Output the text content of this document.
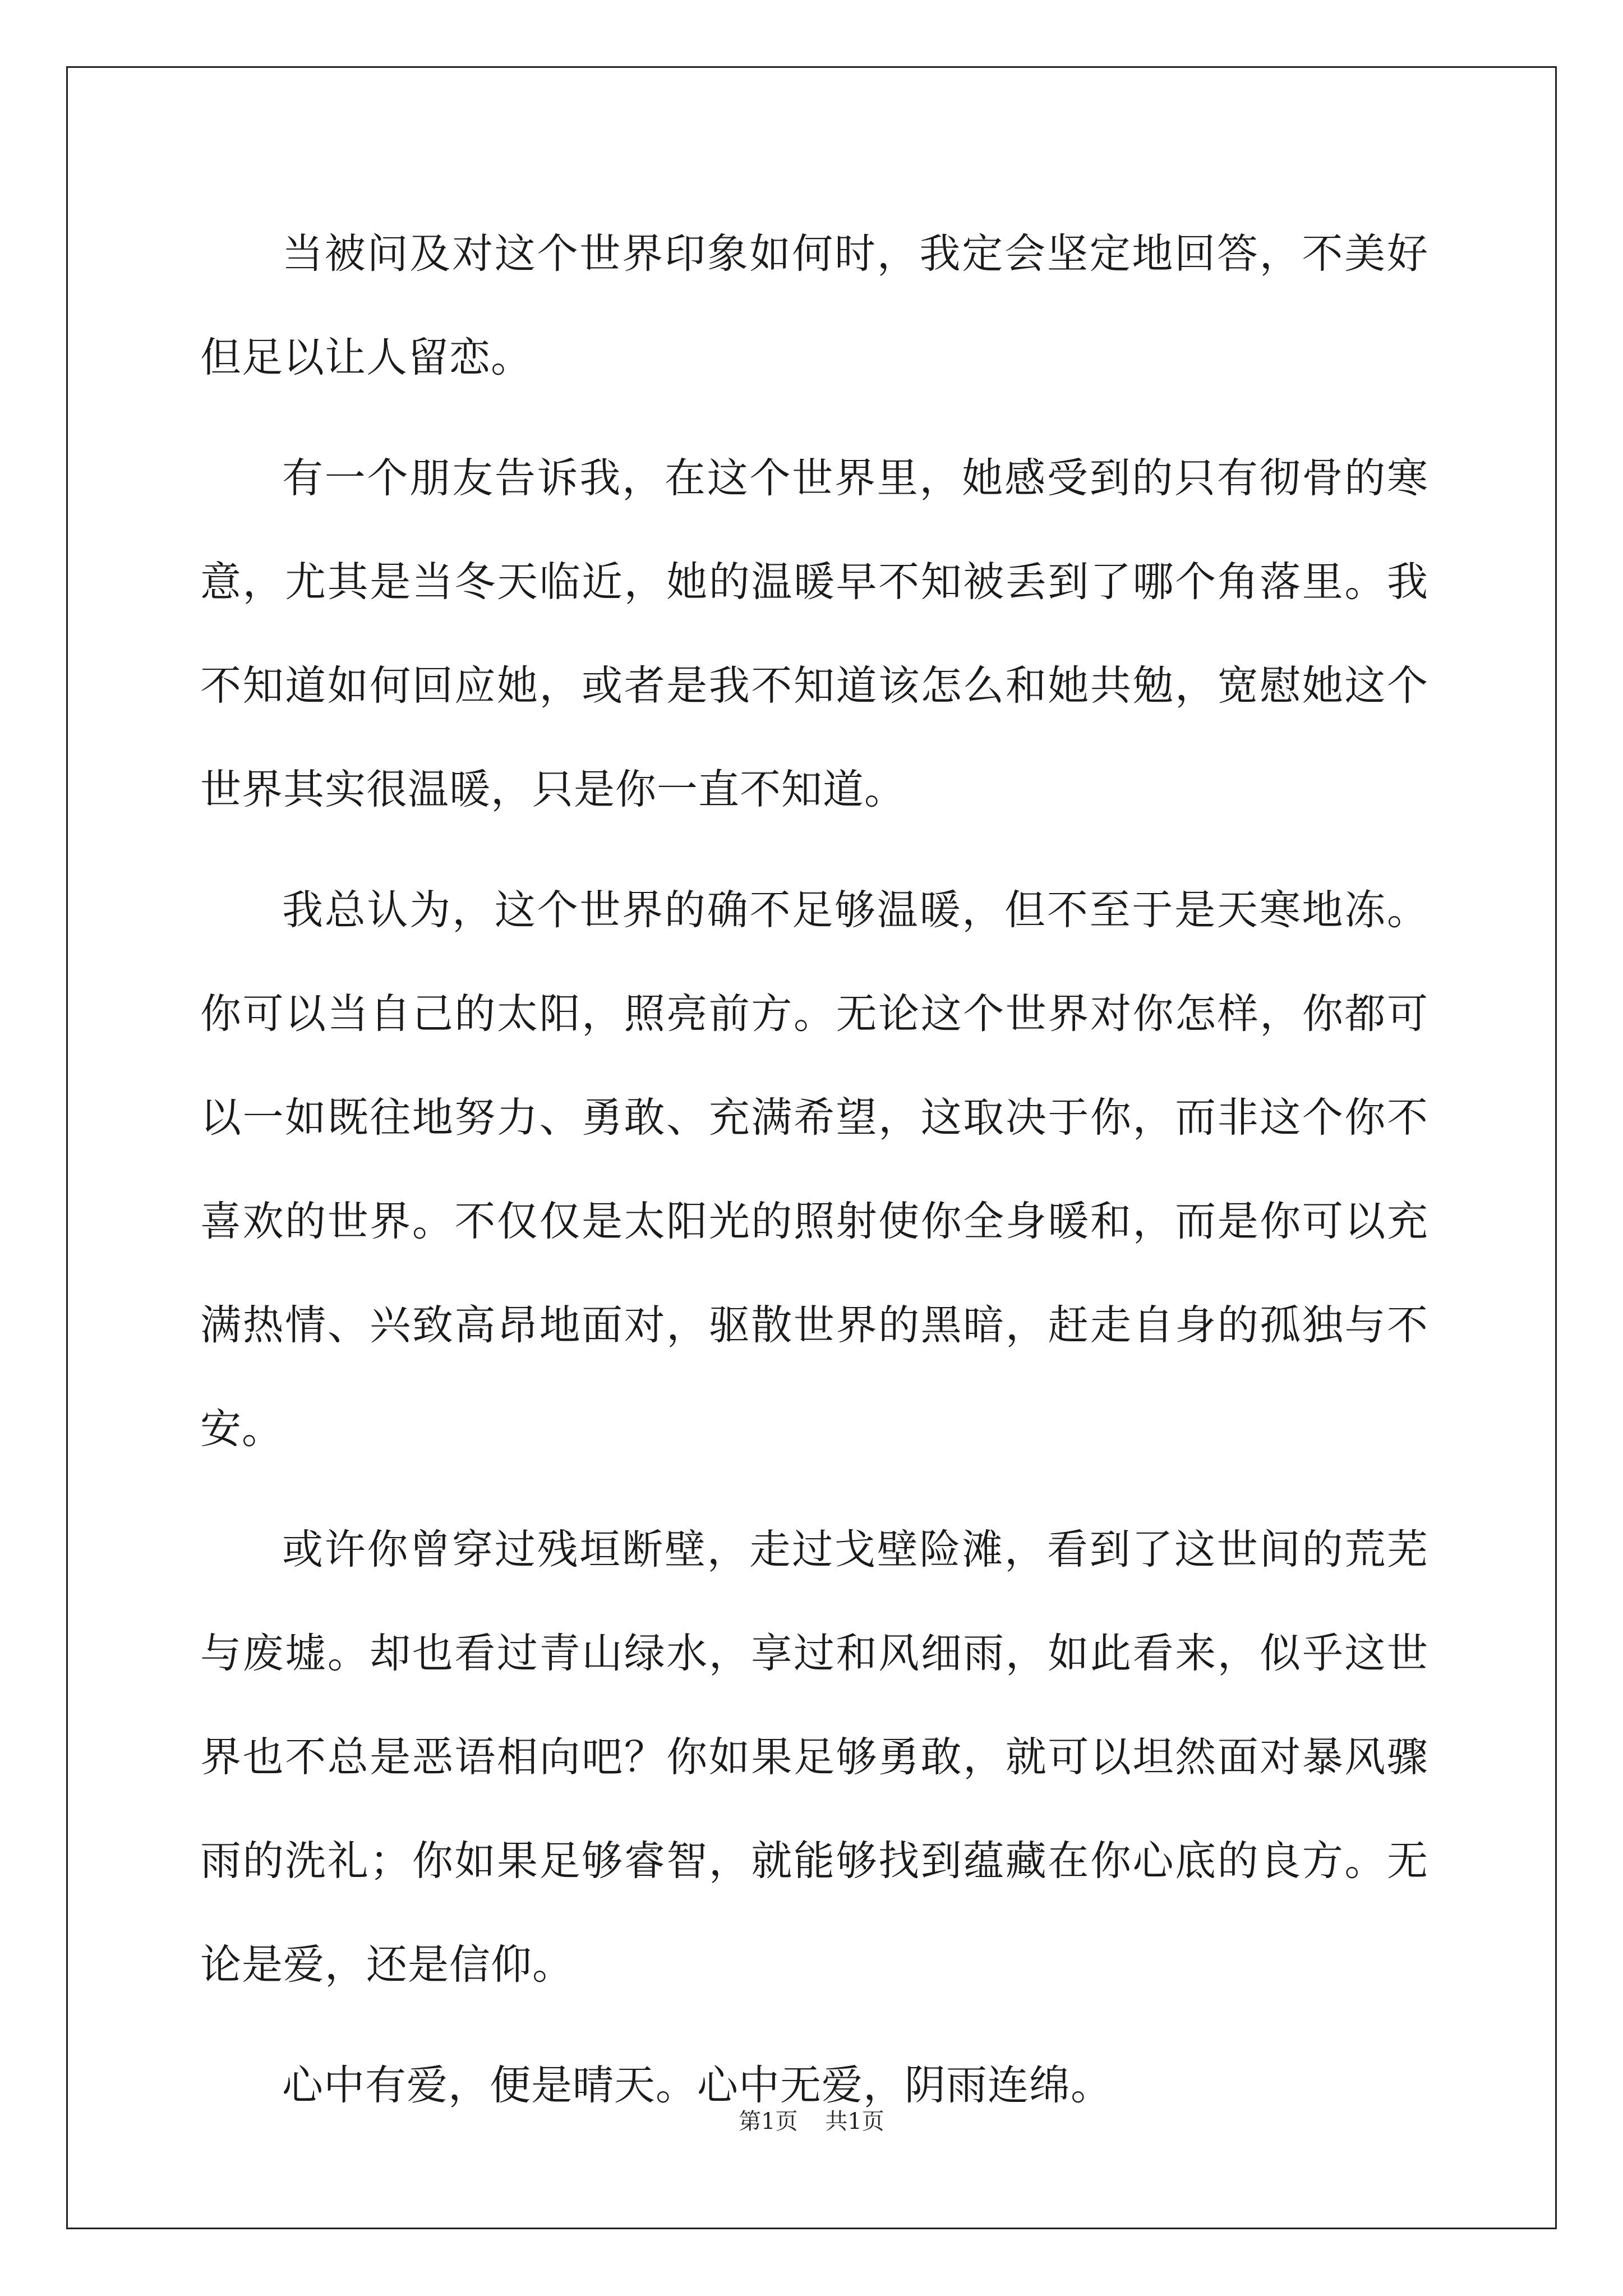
当被问及对这个世界印象如何时，我定会坚定地回答，不美好但足以让人留恋。

有一个朋友告诉我，在这个世界里，她感受到的只有彻骨的寒意，尤其是当冬天临近，她的温暖早不知被丢到了哪个角落里。我不知道如何回应她，或者是我不知道该怎么和她共勉，宽慰她这个世界其实很温暖，只是你一直不知道。

我总认为，这个世界的确不足够温暖，但不至于是天寒地冻。你可以当自己的太阳，照亮前方。无论这个世界对你怎样，你都可以一如既往地努力、勇敢、充满希望，这取决于你，而非这个你不喜欢的世界。不仅仅是太阳光的照射使你全身暖和，而是你可以充满热情、兴致高昂地面对，驱散世界的黑暗，赶走自身的孤独与不安。

或许你曾穿过残垣断壁，走过戈壁险滩，看到了这世间的荒芜与废墟。却也看过青山绿水，享过和风细雨，如此看来，似乎这世界也不总是恶语相向吧？你如果足够勇敢，就可以坦然面对暴风骤雨的洗礼；你如果足够睿智，就能够找到蕴藏在你心底的良方。无论是爱，还是信仰。

心中有爱，便是晴天。心中无爱，阴雨连绵。

第1页 共1页
